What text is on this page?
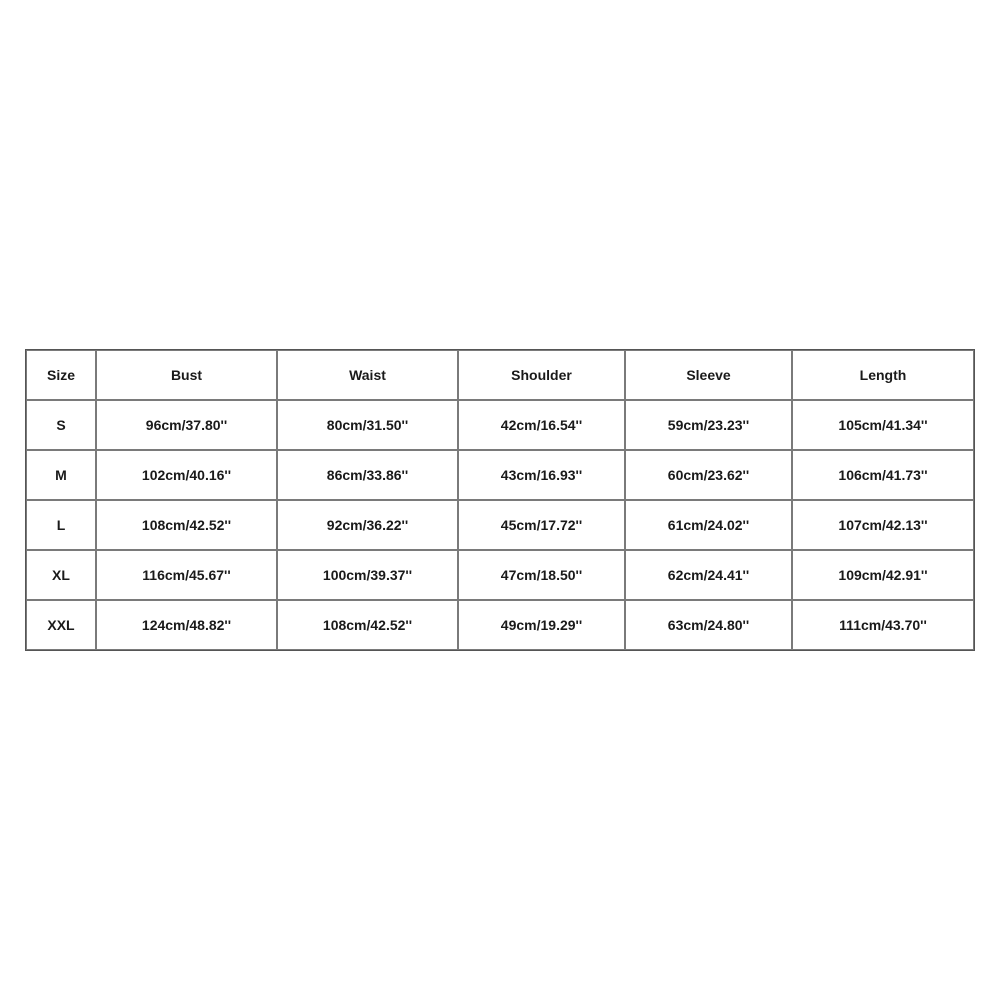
Size	Bust	Waist	Shoulder	Sleeve	Length
S	96cm/37.80''	80cm/31.50''	42cm/16.54''	59cm/23.23''	105cm/41.34''
M	102cm/40.16''	86cm/33.86''	43cm/16.93''	60cm/23.62''	106cm/41.73''
L	108cm/42.52''	92cm/36.22''	45cm/17.72''	61cm/24.02''	107cm/42.13''
XL	116cm/45.67''	100cm/39.37''	47cm/18.50''	62cm/24.41''	109cm/42.91''
XXL	124cm/48.82''	108cm/42.52''	49cm/19.29''	63cm/24.80''	111cm/43.70''
